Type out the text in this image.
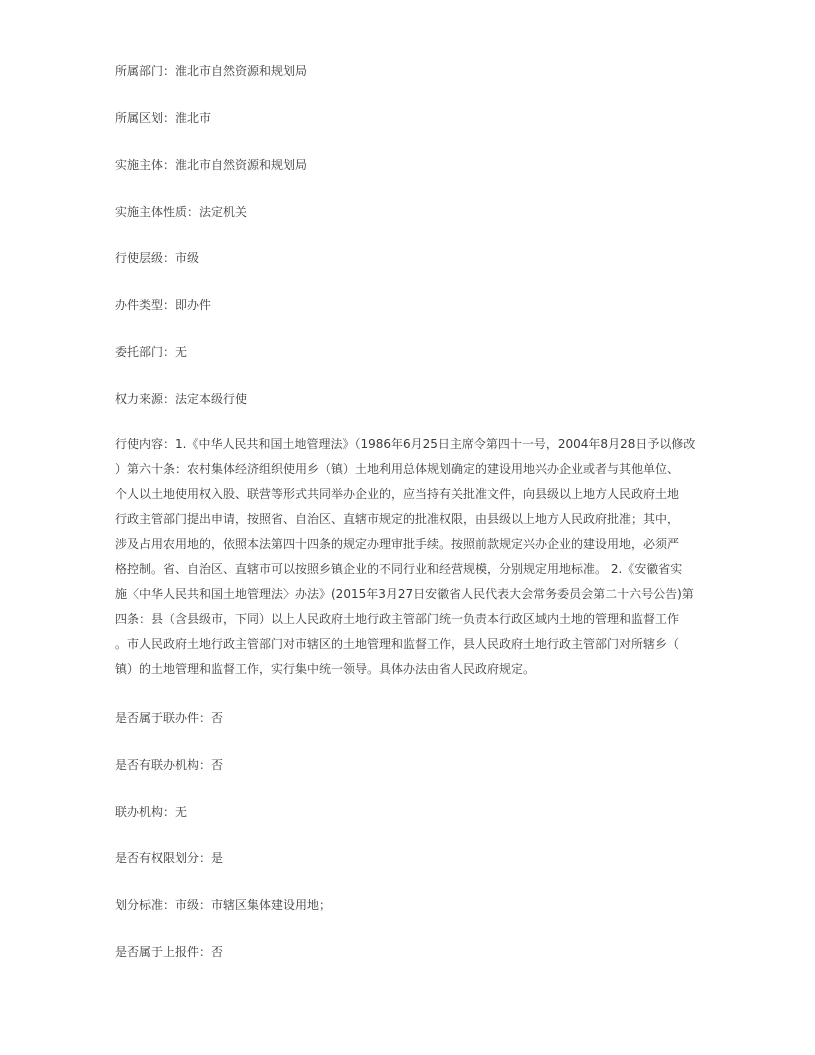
所属部门：淮北市自然资源和规划局

所属区划：淮北市

实施主体：淮北市自然资源和规划局

实施主体性质：法定机关

行使层级：市级

办件类型：即办件

委托部门：无

权力来源：法定本级行使

行使内容：1.《中华人民共和国土地管理法》（1986年6月25日主席令第四十一号，2004年8月28日予以修改
）第六十条：农村集体经济组织使用乡（镇）土地利用总体规划确定的建设用地兴办企业或者与其他单位、
个人以土地使用权入股、联营等形式共同举办企业的，应当持有关批准文件，向县级以上地方人民政府土地
行政主管部门提出申请，按照省、自治区、直辖市规定的批准权限，由县级以上地方人民政府批准；其中，
涉及占用农用地的，依照本法第四十四条的规定办理审批手续。按照前款规定兴办企业的建设用地，必须严
格控制。省、自治区、直辖市可以按照乡镇企业的不同行业和经营规模，分别规定用地标准。 2.《安徽省实
施〈中华人民共和国土地管理法〉办法》(2015年3月27日安徽省人民代表大会常务委员会第二十六号公告)第
四条：县（含县级市，下同）以上人民政府土地行政主管部门统一负责本行政区域内土地的管理和监督工作
。市人民政府土地行政主管部门对市辖区的土地管理和监督工作，县人民政府土地行政主管部门对所辖乡（
镇）的土地管理和监督工作，实行集中统一领导。具体办法由省人民政府规定。

是否属于联办件：否

是否有联办机构：否

联办机构：无

是否有权限划分：是

划分标准：市级：市辖区集体建设用地；

是否属于上报件：否
